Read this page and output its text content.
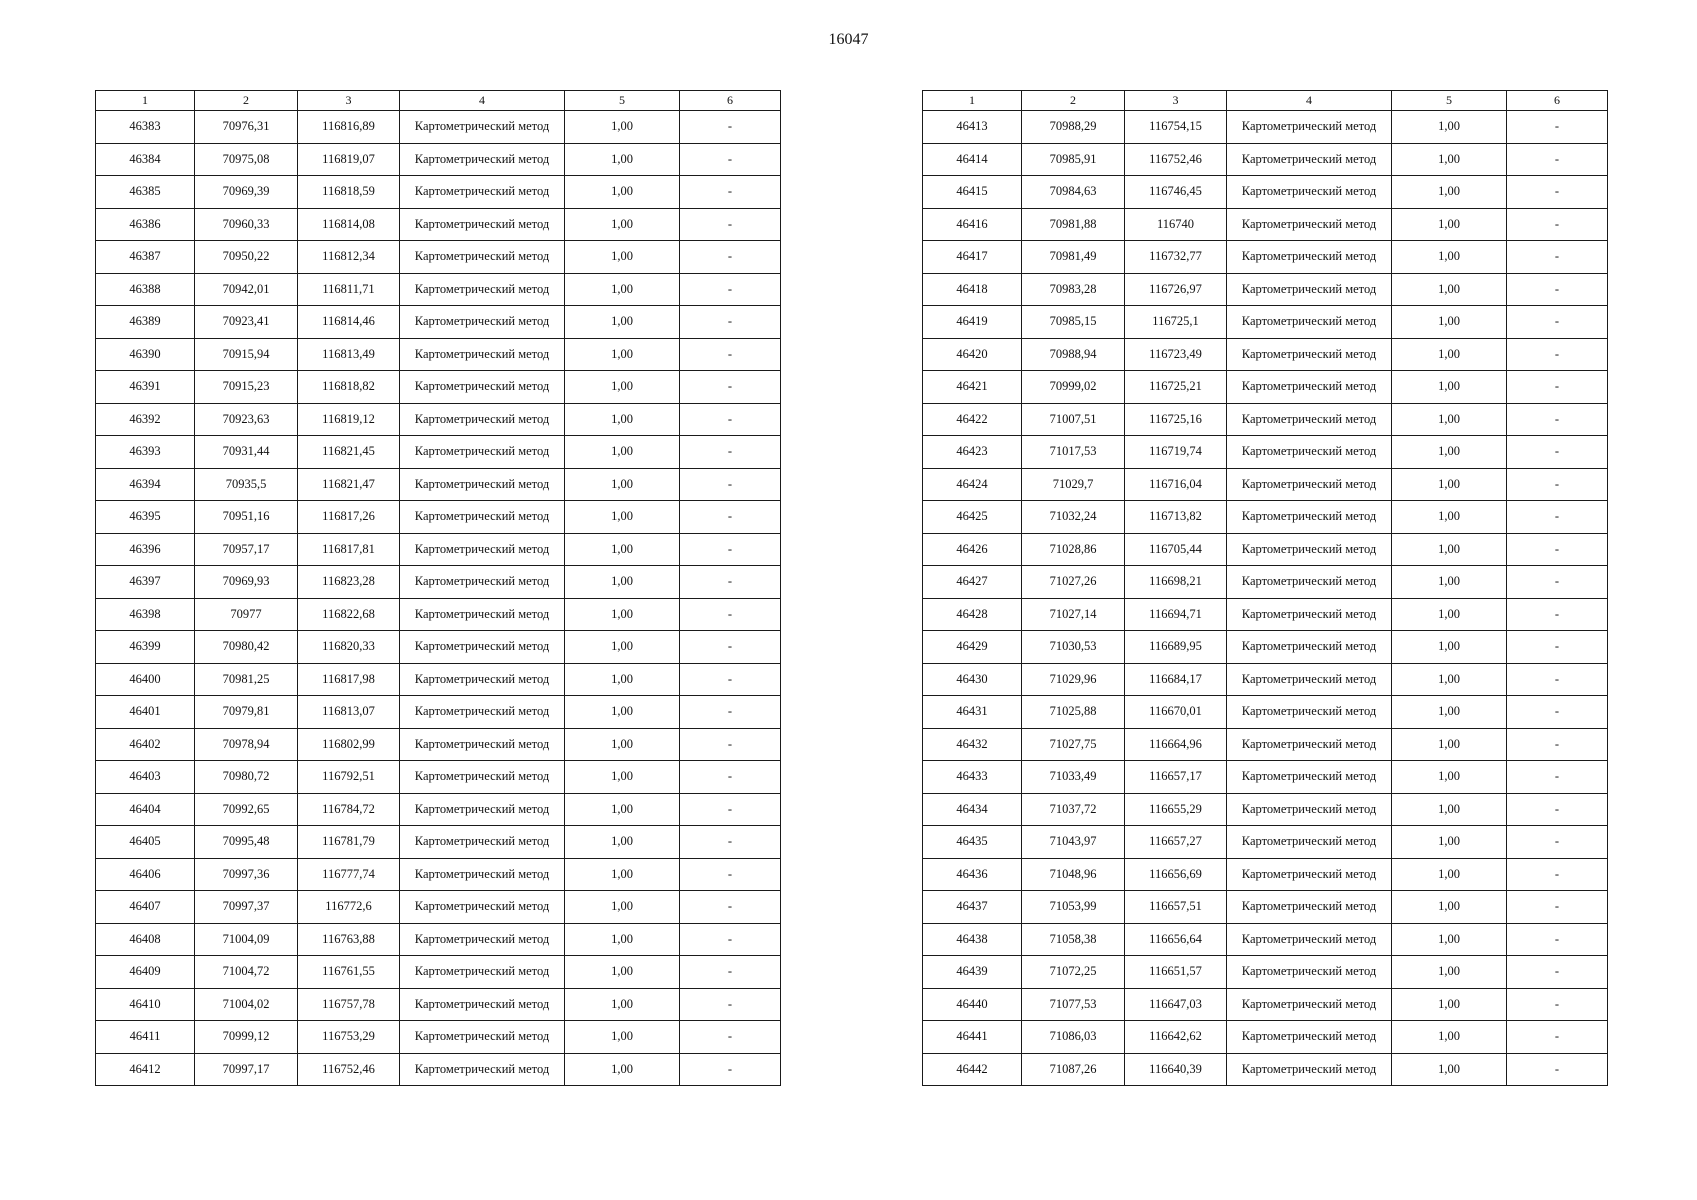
16047
1	2	3	4	5	6
46383	70976,31	116816,89	Картометрический метод	1,00	-
46384	70975,08	116819,07	Картометрический метод	1,00	-
46385	70969,39	116818,59	Картометрический метод	1,00	-
46386	70960,33	116814,08	Картометрический метод	1,00	-
46387	70950,22	116812,34	Картометрический метод	1,00	-
46388	70942,01	116811,71	Картометрический метод	1,00	-
46389	70923,41	116814,46	Картометрический метод	1,00	-
46390	70915,94	116813,49	Картометрический метод	1,00	-
46391	70915,23	116818,82	Картометрический метод	1,00	-
46392	70923,63	116819,12	Картометрический метод	1,00	-
46393	70931,44	116821,45	Картометрический метод	1,00	-
46394	70935,5	116821,47	Картометрический метод	1,00	-
46395	70951,16	116817,26	Картометрический метод	1,00	-
46396	70957,17	116817,81	Картометрический метод	1,00	-
46397	70969,93	116823,28	Картометрический метод	1,00	-
46398	70977	116822,68	Картометрический метод	1,00	-
46399	70980,42	116820,33	Картометрический метод	1,00	-
46400	70981,25	116817,98	Картометрический метод	1,00	-
46401	70979,81	116813,07	Картометрический метод	1,00	-
46402	70978,94	116802,99	Картометрический метод	1,00	-
46403	70980,72	116792,51	Картометрический метод	1,00	-
46404	70992,65	116784,72	Картометрический метод	1,00	-
46405	70995,48	116781,79	Картометрический метод	1,00	-
46406	70997,36	116777,74	Картометрический метод	1,00	-
46407	70997,37	116772,6	Картометрический метод	1,00	-
46408	71004,09	116763,88	Картометрический метод	1,00	-
46409	71004,72	116761,55	Картометрический метод	1,00	-
46410	71004,02	116757,78	Картометрический метод	1,00	-
46411	70999,12	116753,29	Картометрический метод	1,00	-
46412	70997,17	116752,46	Картометрический метод	1,00	-
1	2	3	4	5	6
46413	70988,29	116754,15	Картометрический метод	1,00	-
46414	70985,91	116752,46	Картометрический метод	1,00	-
46415	70984,63	116746,45	Картометрический метод	1,00	-
46416	70981,88	116740	Картометрический метод	1,00	-
46417	70981,49	116732,77	Картометрический метод	1,00	-
46418	70983,28	116726,97	Картометрический метод	1,00	-
46419	70985,15	116725,1	Картометрический метод	1,00	-
46420	70988,94	116723,49	Картометрический метод	1,00	-
46421	70999,02	116725,21	Картометрический метод	1,00	-
46422	71007,51	116725,16	Картометрический метод	1,00	-
46423	71017,53	116719,74	Картометрический метод	1,00	-
46424	71029,7	116716,04	Картометрический метод	1,00	-
46425	71032,24	116713,82	Картометрический метод	1,00	-
46426	71028,86	116705,44	Картометрический метод	1,00	-
46427	71027,26	116698,21	Картометрический метод	1,00	-
46428	71027,14	116694,71	Картометрический метод	1,00	-
46429	71030,53	116689,95	Картометрический метод	1,00	-
46430	71029,96	116684,17	Картометрический метод	1,00	-
46431	71025,88	116670,01	Картометрический метод	1,00	-
46432	71027,75	116664,96	Картометрический метод	1,00	-
46433	71033,49	116657,17	Картометрический метод	1,00	-
46434	71037,72	116655,29	Картометрический метод	1,00	-
46435	71043,97	116657,27	Картометрический метод	1,00	-
46436	71048,96	116656,69	Картометрический метод	1,00	-
46437	71053,99	116657,51	Картометрический метод	1,00	-
46438	71058,38	116656,64	Картометрический метод	1,00	-
46439	71072,25	116651,57	Картометрический метод	1,00	-
46440	71077,53	116647,03	Картометрический метод	1,00	-
46441	71086,03	116642,62	Картометрический метод	1,00	-
46442	71087,26	116640,39	Картометрический метод	1,00	-
